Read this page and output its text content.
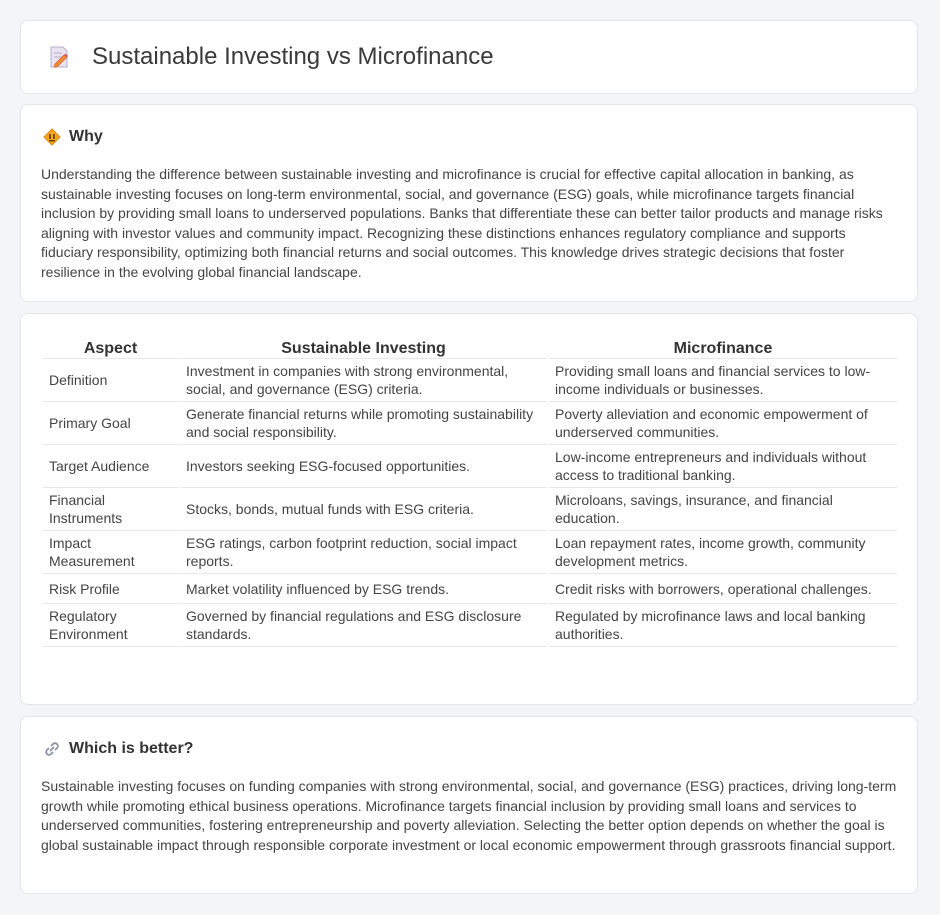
Sustainable Investing vs Microfinance
Why

Understanding the difference between sustainable investing and microfinance is crucial for effective capital allocation in banking, as sustainable investing focuses on long-term environmental, social, and governance (ESG) goals, while microfinance targets financial inclusion by providing small loans to underserved populations. Banks that differentiate these can better tailor products and manage risks aligning with investor values and community impact. Recognizing these distinctions enhances regulatory compliance and supports fiduciary responsibility, optimizing both financial returns and social outcomes. This knowledge drives strategic decisions that foster resilience in the evolving global financial landscape.

Aspect	Sustainable Investing	Microfinance
Definition	Investment in companies with strong environmental, social, and governance (ESG) criteria.	Providing small loans and financial services to low-income individuals or businesses.
Primary Goal	Generate financial returns while promoting sustainability and social responsibility.	Poverty alleviation and economic empowerment of underserved communities.
Target Audience	Investors seeking ESG-focused opportunities.	Low-income entrepreneurs and individuals without access to traditional banking.
Financial Instruments	Stocks, bonds, mutual funds with ESG criteria.	Microloans, savings, insurance, and financial education.
Impact Measurement	ESG ratings, carbon footprint reduction, social impact reports.	Loan repayment rates, income growth, community development metrics.
Risk Profile	Market volatility influenced by ESG trends.	Credit risks with borrowers, operational challenges.
Regulatory Environment	Governed by financial regulations and ESG disclosure standards.	Regulated by microfinance laws and local banking authorities.
Which is better?

Sustainable investing focuses on funding companies with strong environmental, social, and governance (ESG) practices, driving long-term growth while promoting ethical business operations. Microfinance targets financial inclusion by providing small loans and services to underserved communities, fostering entrepreneurship and poverty alleviation. Selecting the better option depends on whether the goal is global sustainable impact through responsible corporate investment or local economic empowerment through grassroots financial support.
